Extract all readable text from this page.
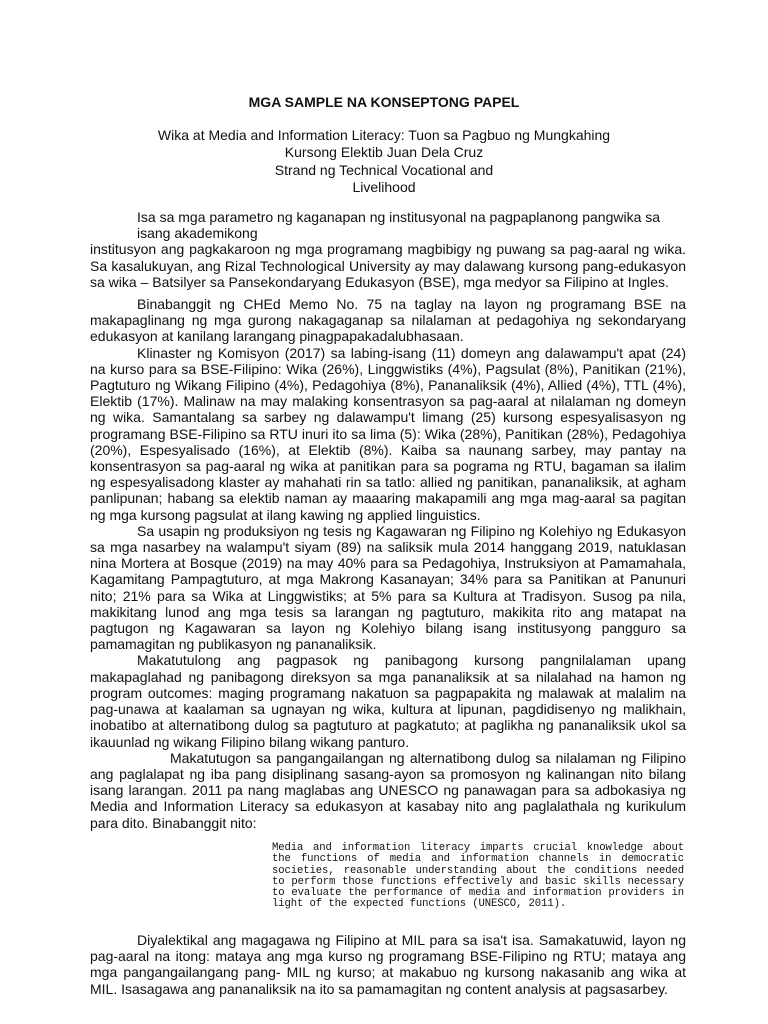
MGA SAMPLE NA KONSEPTONG PAPEL
Wika at Media and Information Literacy: Tuon sa Pagbuo ng Mungkahing
Kursong Elektib Juan Dela Cruz
Strand ng Technical Vocational and
Livelihood

Isa sa mga parametro ng kaganapan ng institusyonal na pagpaplanong pangwika sa isang akademikong

institusyon ang pagkakaroon ng mga programang magbibigy ng puwang sa pag-aaral ng wika. Sa kasalukuyan, ang Rizal Technological University ay may dalawang kursong pang-edukasyon sa wika – Batsilyer sa Pansekondaryang Edukasyon (BSE), mga medyor sa Filipino at Ingles.

Binabanggit ng CHEd Memo No. 75 na taglay na layon ng programang BSE na makapaglinang ng mga gurong nakagaganap sa nilalaman at pedagohiya ng sekondaryang edukasyon at kanilang larangang pinagpapakadalubhasaan.

Klinaster ng Komisyon (2017) sa labing-isang (11) domeyn ang dalawampu't apat (24) na kurso para sa BSE-Filipino: Wika (26%), Linggwistiks (4%), Pagsulat (8%), Panitikan (21%), Pagtuturo ng Wikang Filipino (4%), Pedagohiya (8%), Pananaliksik (4%), Allied (4%), TTL (4%), Elektib (17%). Malinaw na may malaking konsentrasyon sa pag-aaral at nilalaman ng domeyn ng wika. Samantalang sa sarbey ng dalawampu't limang (25) kursong espesyalisasyon ng programang BSE-Filipino sa RTU inuri ito sa lima (5): Wika (28%), Panitikan (28%), Pedagohiya (20%), Espesyalisado (16%), at Elektib (8%). Kaiba sa naunang sarbey, may pantay na konsentrasyon sa pag-aaral ng wika at panitikan para sa pograma ng RTU, bagaman sa ilalim ng espesyalisadong klaster ay mahahati rin sa tatlo: allied ng panitikan, pananaliksik, at agham panlipunan; habang sa elektib naman ay maaaring makapamili ang mga mag-aaral sa pagitan ng mga kursong pagsulat at ilang kawing ng applied linguistics.

Sa usapin ng produksiyon ng tesis ng Kagawaran ng Filipino ng Kolehiyo ng Edukasyon sa mga nasarbey na walampu't siyam (89) na saliksik mula 2014 hanggang 2019, natuklasan nina Mortera at Bosque (2019) na may 40% para sa Pedagohiya, Instruksiyon at Pamamahala, Kagamitang Pampagtuturo, at mga Makrong Kasanayan; 34% para sa Panitikan at Panunuri nito; 21% para sa Wika at Linggwistiks; at 5% para sa Kultura at Tradisyon. Susog pa nila, makikitang lunod ang mga tesis sa larangan ng pagtuturo, makikita rito ang matapat na pagtugon ng Kagawaran sa layon ng Kolehiyo bilang isang institusyong pangguro sa pamamagitan ng publikasyon ng pananaliksik.

Makatutulong ang pagpasok ng panibagong kursong pangnilalaman upang makapaglahad ng panibagong direksyon sa mga pananaliksik at sa nilalahad na hamon ng program outcomes: maging programang nakatuon sa pagpapakita ng malawak at malalim na pag-unawa at kaalaman sa ugnayan ng wika, kultura at lipunan, pagdidisenyo ng malikhain, inobatibo at alternatibong dulog sa pagtuturo at pagkatuto; at paglikha ng pananaliksik ukol sa ikauunlad ng wikang Filipino bilang wikang panturo.

Makatutugon sa pangangailangan ng alternatibong dulog sa nilalaman ng Filipino ang paglalapat ng iba pang disiplinang sasang-ayon sa promosyon ng kalinangan nito bilang isang larangan. 2011 pa nang maglabas ang UNESCO ng panawagan para sa adbokasiya ng Media and Information Literacy sa edukasyon at kasabay nito ang paglalathala ng kurikulum para dito. Binabanggit nito:

Media and information literacy imparts crucial knowledge about the functions of media and information channels in democratic societies, reasonable understanding about the conditions needed to perform those functions effectively and basic skills necessary to evaluate the performance of media and information providers in light of the expected functions (UNESCO, 2011).

Diyalektikal ang magagawa ng Filipino at MIL para sa isa't isa. Samakatuwid, layon ng pag-aaral na itong: mataya ang mga kurso ng programang BSE-Filipino ng RTU; mataya ang mga pangangailangang pang- MIL ng kurso; at makabuo ng kursong nakasanib ang wika at MIL. Isasagawa ang pananaliksik na ito sa pamamagitan ng content analysis at pagsasarbey.
